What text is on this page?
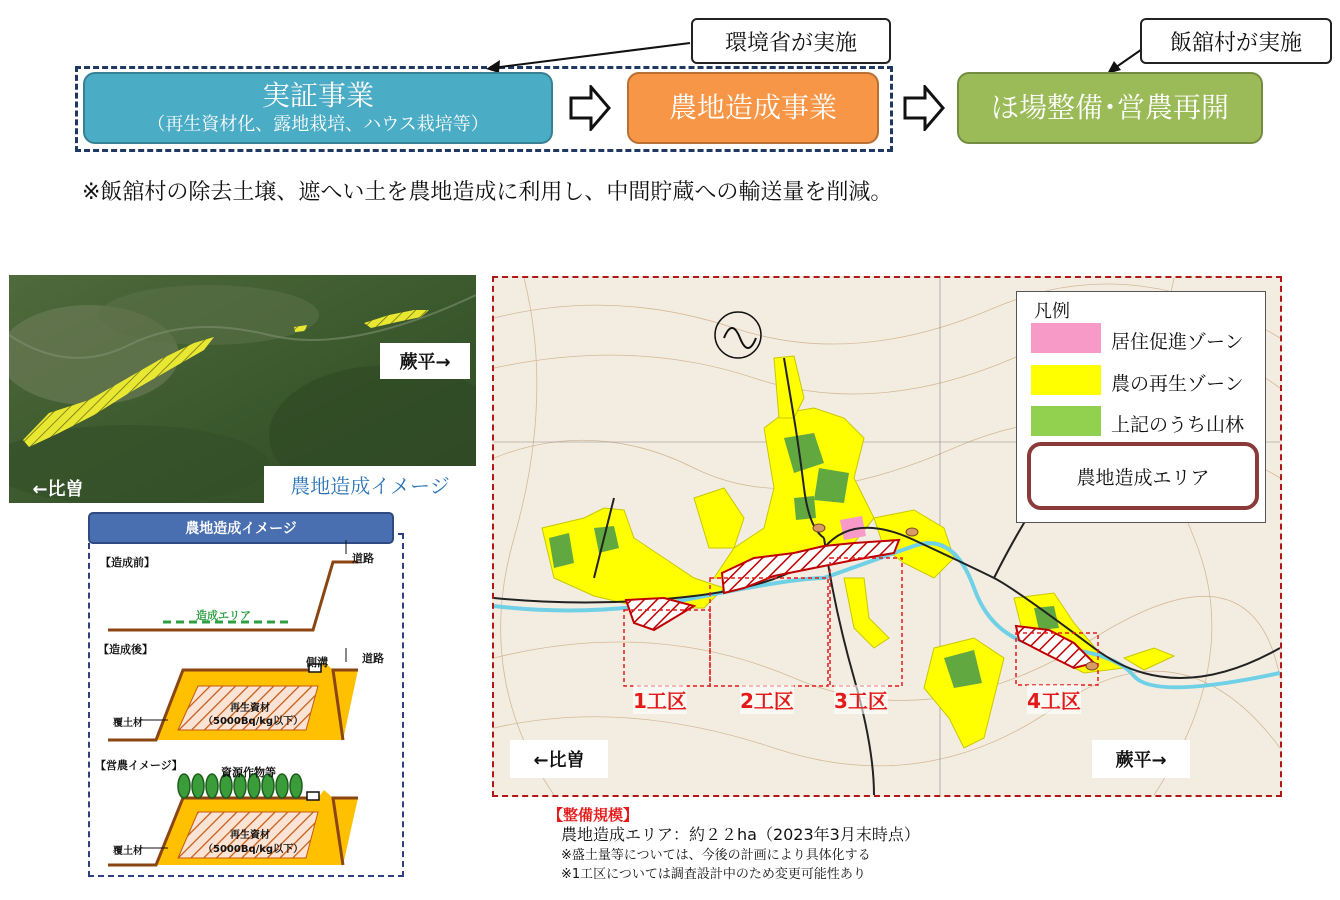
環境省が実施	飯舘村が実施
実証事業
（再生資材化、露地栽培、ハウス栽培等）
農地造成事業	ほ場整備･営農再開
※飯舘村の除去土壌、遮へい土を農地造成に利用し、中間貯蔵への輸送量を削減。
蕨平→
←比曽	農地造成イメージ
農地造成イメージ
【造成前】	道路
造成エリア
【造成後】
道路
側溝
再生資材
（5000Bq/kg以下）
覆土材
【営農イメージ】
資源作物等
再生資材
（5000Bq/kg以下）
覆土材
1工区	2工区 3工区	4工区
←比曽	蕨平→
凡例
居住促進ゾーン
農の再生ゾーン
上記のうち山林
農地造成エリア
【整備規模】
農地造成エリア：約２２ha（2023年3月末時点）
※盛土量等については、今後の計画により具体化する
※1工区については調査設計中のため変更可能性あり
